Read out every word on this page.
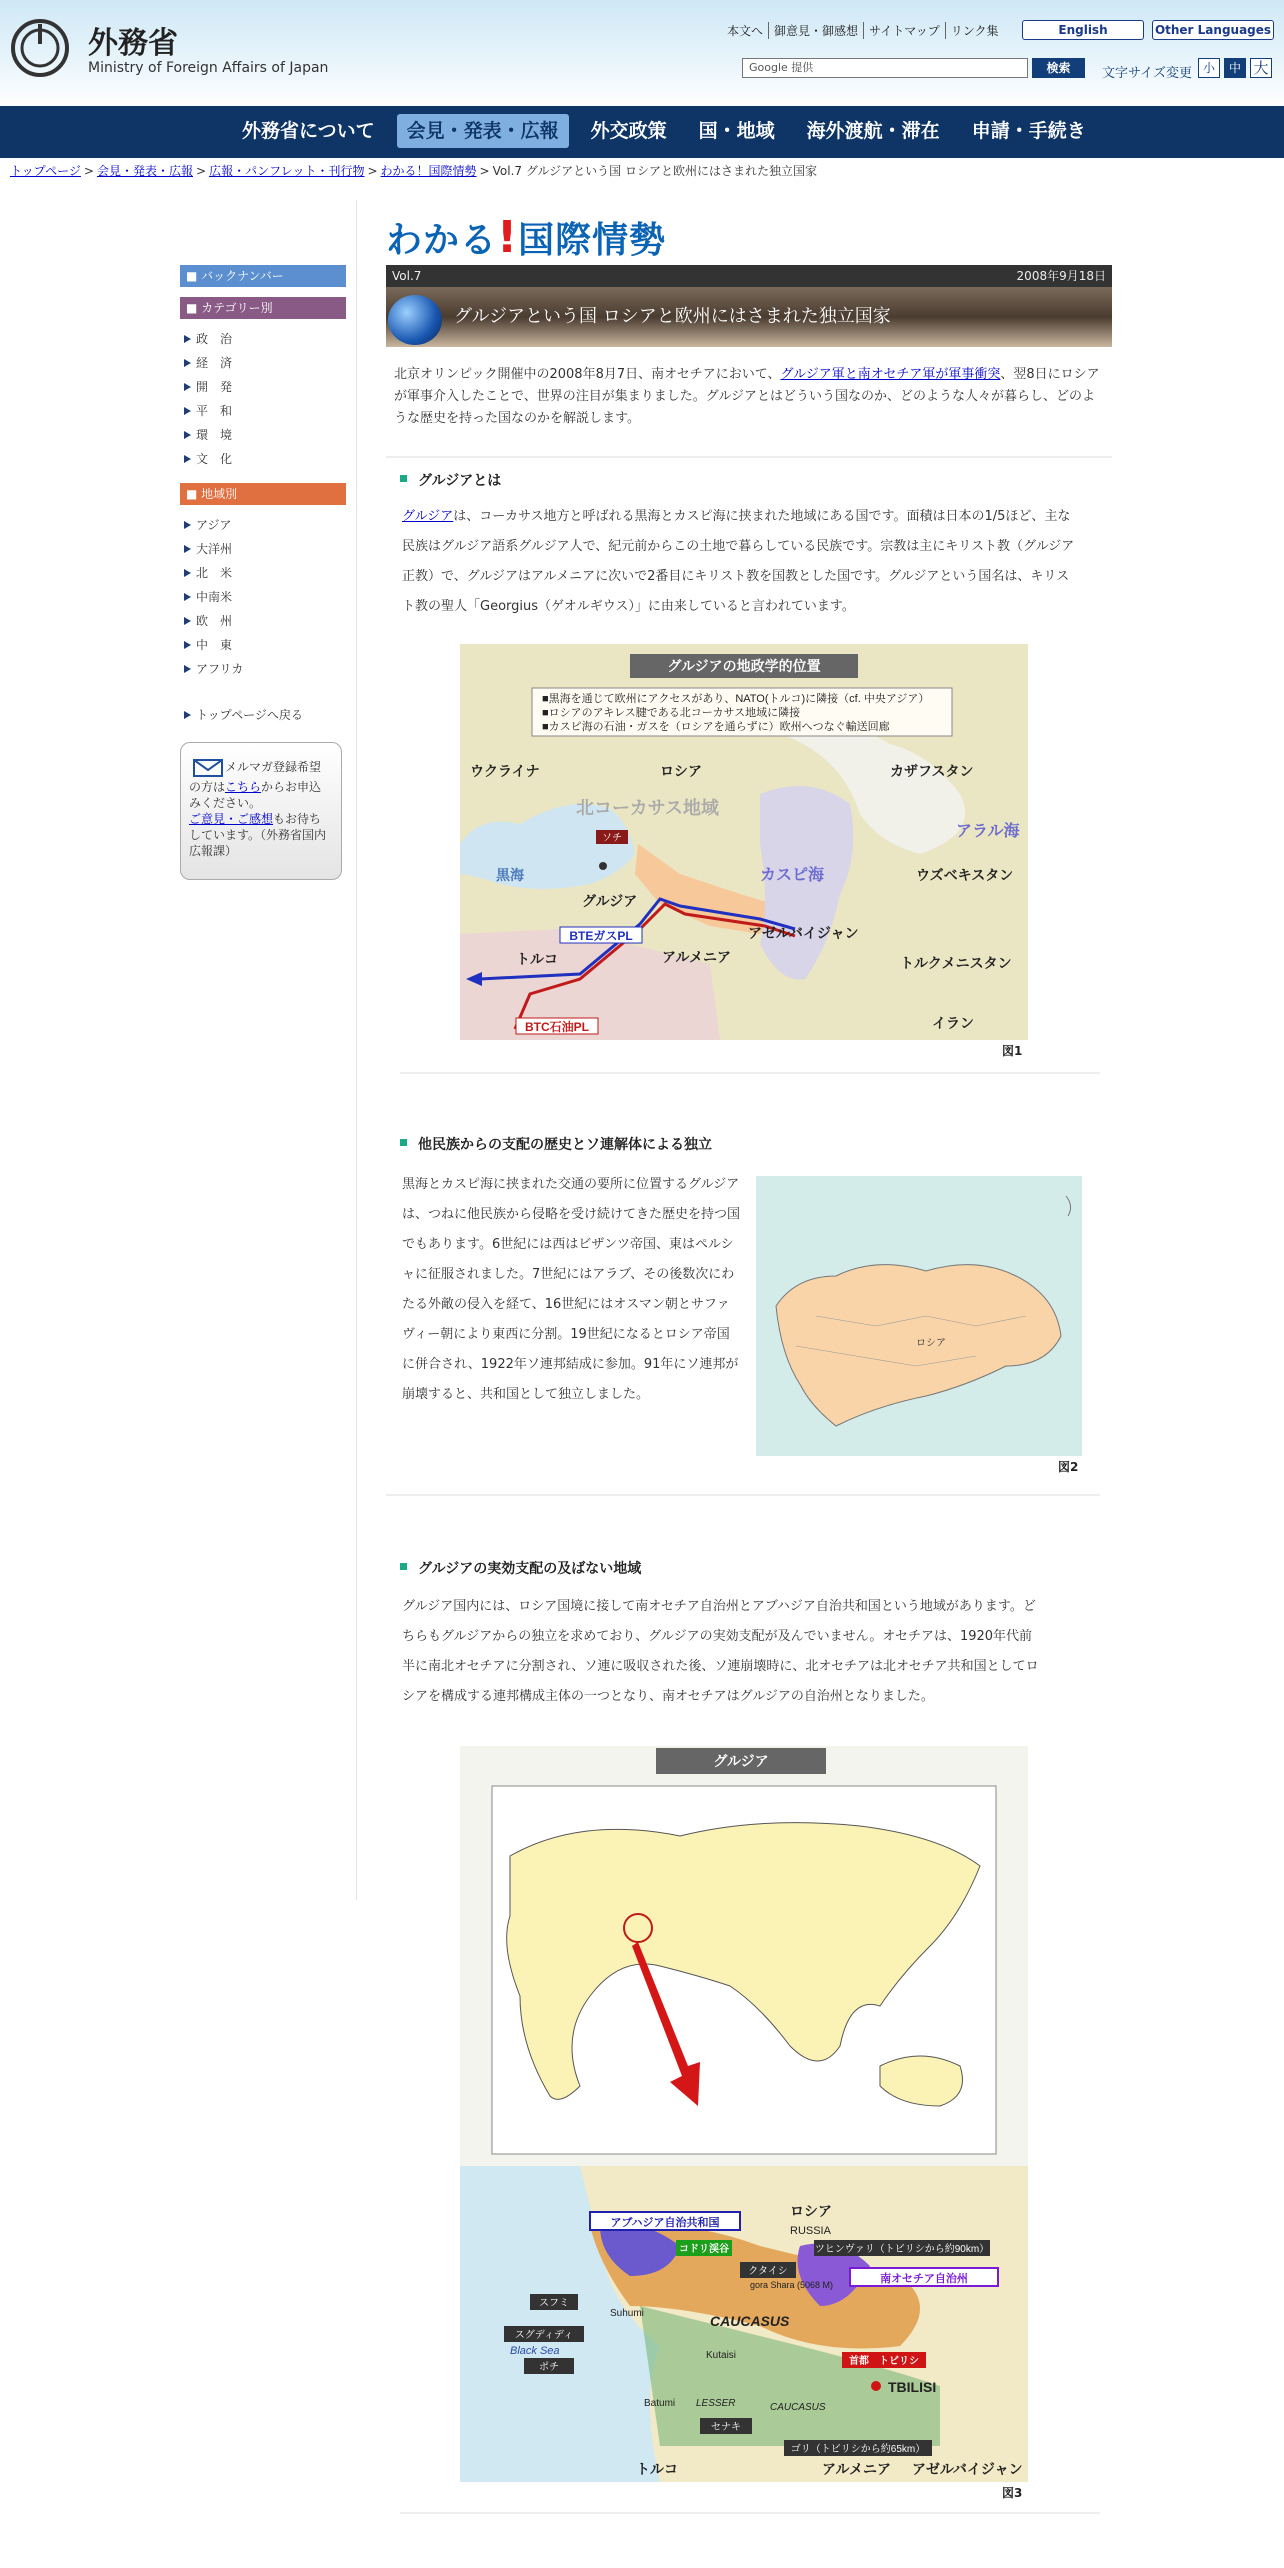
外務省
Ministry of Foreign Affairs of Japan
本文へ 御意見・御感想 サイトマップ リンク集	English	Other Languages
Google 提供	検索	文字サイズ変更 小	中 大
外務省について	会見・発表・広報	外交政策	国・地域	海外渡航・滞在	申請・手続き
トップページ > 会見・発表・広報 > 広報・パンフレット・刊行物 > わかる！国際情勢 > Vol.7 グルジアという国 ロシアと欧州にはさまれた独立国家
■ バックナンバー
■ カテゴリー別
政　治
経　済
開　発
平　和
環　境
文　化
■ 地域別
アジア
大洋州
北　米
中南米
欧　州
中　東
アフリカ
トップページへ戻る
メルマガ登録希望
の方はこちらからお申込みください。
ご意見・ご感想もお待ちしています。（外務省国内広報課）
わかる!国際情勢
Vol.7	2008年9月18日
グルジアという国 ロシアと欧州にはさまれた独立国家
北京オリンピック開催中の2008年8月7日、南オセチアにおいて、グルジア軍と南オセチア軍が軍事衝突、翌8日にロシアが軍事介入したことで、世界の注目が集まりました。グルジアとはどういう国なのか、どのような人々が暮らし、どのような歴史を持った国なのかを解説します。
グルジアとは
グルジアは、コーカサス地方と呼ばれる黒海とカスピ海に挟まれた地域にある国です。面積は日本の1/5ほど、主な民族はグルジア語系グルジア人で、紀元前からこの土地で暮らしている民族です。宗教は主にキリスト教（グルジア正教）で、グルジアはアルメニアに次いで2番目にキリスト教を国教とした国です。グルジアという国名は、キリスト教の聖人「Georgius（ゲオルギウス）」に由来していると言われています。
グルジアの地政学的位置
■黒海を通じて欧州にアクセスがあり、NATO(トルコ)に隣接（cf. 中央アジア）
■ロシアのアキレス腱である北コーカサス地域に隣接
■カスピ海の石油・ガスを（ロシアを通らずに）欧州へつなぐ輸送回廊
ウクライナ	ロシア	カザフスタン
北コーカサス地域
アラル海
黒海	カスピ海	ウズベキスタン
グルジア
アゼルバイジャン
トルコ	アルメニア	トルクメニスタン
イラン
ソチ
BTEガスPL
BTC石油PL
図1
他民族からの支配の歴史とソ連解体による独立
黒海とカスピ海に挟まれた交通の要所に位置するグルジアは、つねに他民族から侵略を受け続けてきた歴史を持つ国でもあります。6世紀には西はビザンツ帝国、東はペルシャに征服されました。7世紀にはアラブ、その後数次にわたる外敵の侵入を経て、16世紀にはオスマン朝とサファヴィー朝により東西に分割。19世紀になるとロシア帝国に併合され、1922年ソ連邦結成に参加。91年にソ連邦が崩壊すると、共和国として独立しました。
ロシア
図2
グルジアの実効支配の及ばない地域
グルジア国内には、ロシア国境に接して南オセチア自治州とアブハジア自治共和国という地域があります。どちらもグルジアからの独立を求めており、グルジアの実効支配が及んでいません。オセチアは、1920年代前半に南北オセチアに分割され、ソ連に吸収された後、ソ連崩壊時に、北オセチアは北オセチア共和国としてロシアを構成する連邦構成主体の一つとなり、南オセチアはグルジアの自治州となりました。
グルジア
ロシア
RUSSIA
アブハジア自治共和国
コドリ渓谷	ツヒンヴァリ（トビリシから約90km）
クタイシ
南オセチア自治州
gora Shara (5068 M)
スフミ
Suhumi	CAUCASUS
スグディディ
Black Sea
ポチ
Kutaisi
首都　トビリシ
TBILISI
Batumi LESSER	CAUCASUS
セナキ
ゴリ（トビリシから約65km）
トルコ	アルメニア アゼルバイジャン
図3
